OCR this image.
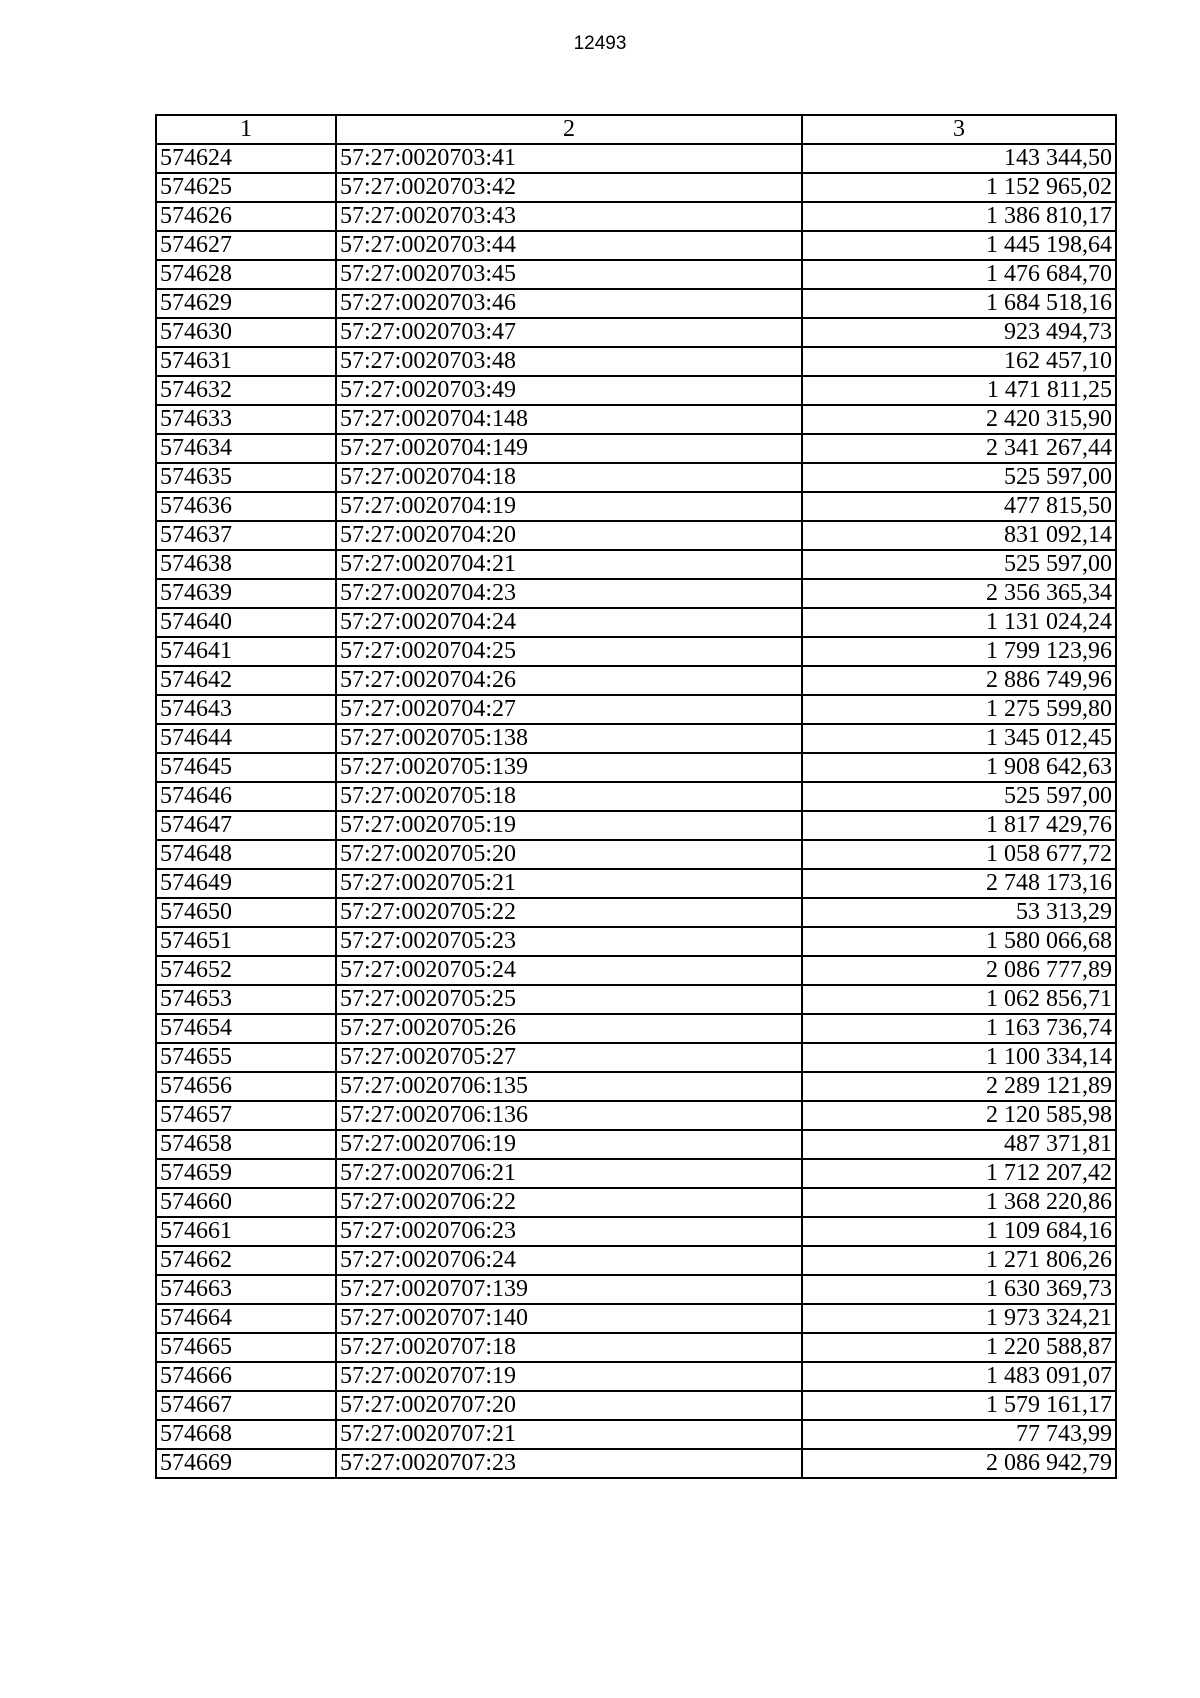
12493
1	2	3
574624	57:27:0020703:41	143 344,50
574625	57:27:0020703:42	1 152 965,02
574626	57:27:0020703:43	1 386 810,17
574627	57:27:0020703:44	1 445 198,64
574628	57:27:0020703:45	1 476 684,70
574629	57:27:0020703:46	1 684 518,16
574630	57:27:0020703:47	923 494,73
574631	57:27:0020703:48	162 457,10
574632	57:27:0020703:49	1 471 811,25
574633	57:27:0020704:148	2 420 315,90
574634	57:27:0020704:149	2 341 267,44
574635	57:27:0020704:18	525 597,00
574636	57:27:0020704:19	477 815,50
574637	57:27:0020704:20	831 092,14
574638	57:27:0020704:21	525 597,00
574639	57:27:0020704:23	2 356 365,34
574640	57:27:0020704:24	1 131 024,24
574641	57:27:0020704:25	1 799 123,96
574642	57:27:0020704:26	2 886 749,96
574643	57:27:0020704:27	1 275 599,80
574644	57:27:0020705:138	1 345 012,45
574645	57:27:0020705:139	1 908 642,63
574646	57:27:0020705:18	525 597,00
574647	57:27:0020705:19	1 817 429,76
574648	57:27:0020705:20	1 058 677,72
574649	57:27:0020705:21	2 748 173,16
574650	57:27:0020705:22	53 313,29
574651	57:27:0020705:23	1 580 066,68
574652	57:27:0020705:24	2 086 777,89
574653	57:27:0020705:25	1 062 856,71
574654	57:27:0020705:26	1 163 736,74
574655	57:27:0020705:27	1 100 334,14
574656	57:27:0020706:135	2 289 121,89
574657	57:27:0020706:136	2 120 585,98
574658	57:27:0020706:19	487 371,81
574659	57:27:0020706:21	1 712 207,42
574660	57:27:0020706:22	1 368 220,86
574661	57:27:0020706:23	1 109 684,16
574662	57:27:0020706:24	1 271 806,26
574663	57:27:0020707:139	1 630 369,73
574664	57:27:0020707:140	1 973 324,21
574665	57:27:0020707:18	1 220 588,87
574666	57:27:0020707:19	1 483 091,07
574667	57:27:0020707:20	1 579 161,17
574668	57:27:0020707:21	77 743,99
574669	57:27:0020707:23	2 086 942,79
